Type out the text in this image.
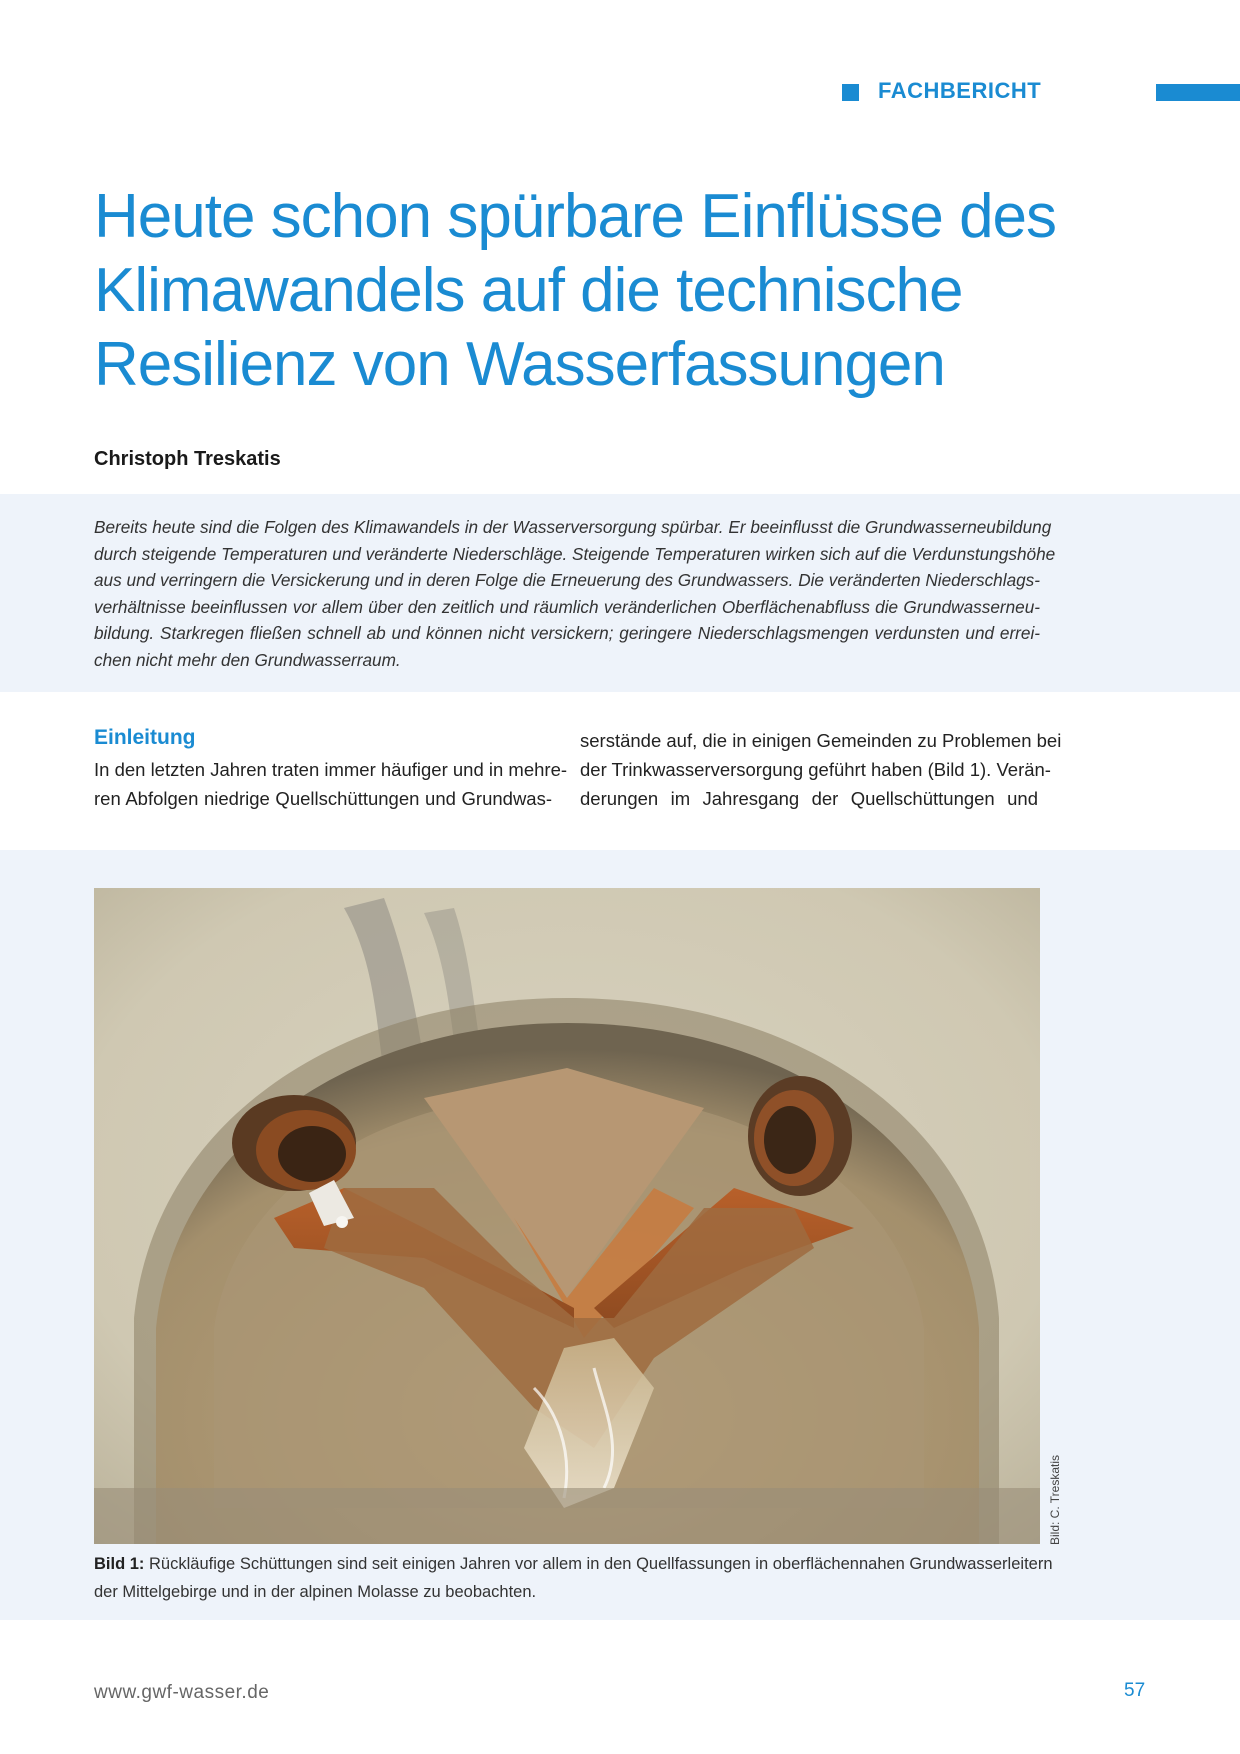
FACHBERICHT
Heute schon spürbare Einflüsse des
Klimawandels auf die technische
Resilienz von Wasserfassungen
Christoph Treskatis

Bereits heute sind die Folgen des Klimawandels in der Wasserversorgung spürbar. Er beeinflusst die Grundwasserneubildung
durch steigende Temperaturen und veränderte Niederschläge. Steigende Temperaturen wirken sich auf die Verdunstungshöhe
aus und verringern die Versickerung und in deren Folge die Erneuerung des Grundwassers. Die veränderten Niederschlags-
verhältnisse beeinflussen vor allem über den zeitlich und räumlich veränderlichen Oberflächenabfluss die Grundwasserneu-
bildung. Starkregen fließen schnell ab und können nicht versickern; geringere Niederschlagsmengen verdunsten und errei-
chen nicht mehr den Grundwasserraum.

Einleitung

In den letzten Jahren traten immer häufiger und in mehre-
ren Abfolgen niedrige Quellschüttungen und Grundwas-

serstände auf, die in einigen Gemeinden zu Problemen bei
der Trinkwasserversorgung geführt haben (Bild 1). Verän-
derungen im Jahresgang der Quellschüttungen und

Bild: C. Treskatis

Bild 1: Rückläufige Schüttungen sind seit einigen Jahren vor allem in den Quellfassungen in oberflächennahen Grundwasserleitern
der Mittelgebirge und in der alpinen Molasse zu beobachten.

www.gwf-wasser.de	57
